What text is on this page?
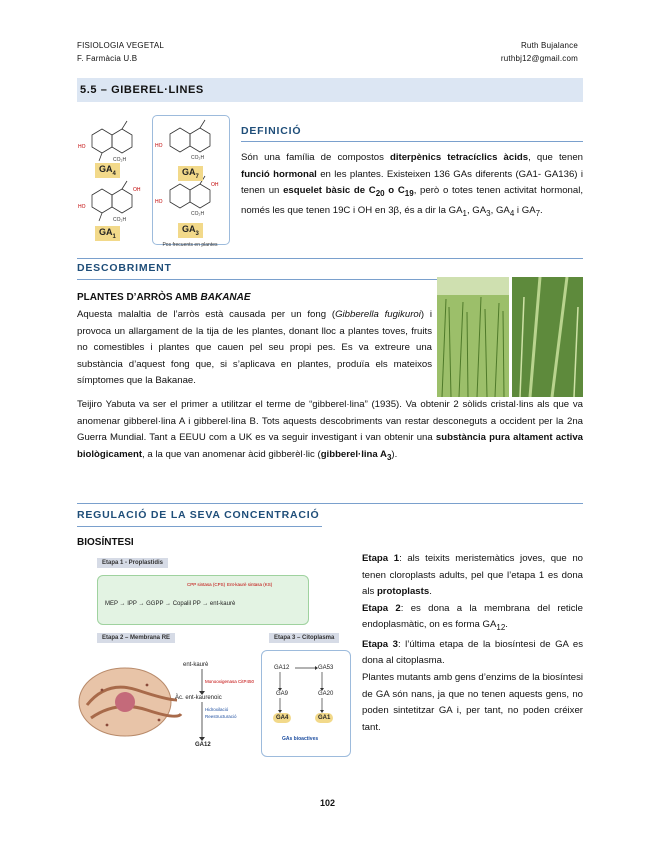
FISIOLOGIA VEGETAL
F. Farmàcia U.B
Ruth Bujalance
ruthbj12@gmail.com
5.5 – GIBEREL·LINES
HO
CO₂H
HO
CO₂H
OH
$GA_4$
$GA_1$
HO
CO₂H
HO
CO₂H
OH
$GA_7$
$GA_3$
Pos frecuents en plantes
DEFINICIÓ
Són una família de compostos diterpènics tetracíclics àcids, que tenen funció hormonal en les plantes. Existeixen 136 GAs diferents (GA1- GA136) i tenen un esquelet bàsic de $C_{20}$ o $C_{19}$, però o totes tenen activitat hormonal, només les que tenen 19C i OH en 3β, és a dir la $GA_1$, $GA_3$, $GA_4$ i $GA_7$.
DESCOBRIMENT
PLANTES D’ARRÒS AMB BAKANAE
Aquesta malaltia de l’arròs està causada per un fong (Gibberella fugikuroi) i provoca un allargament de la tija de les plantes, donant lloc a plantes toves, fruits no comestibles i plantes que cauen pel seu propi pes. Es va extreure una substància d’aquest fong que, si s’aplicava en plantes, produïa els mateixos símptomes que la Bakanae.
Teijiro Yabuta va ser el primer a utilitzar el terme de “gibberel·lina” (1935). Va obtenir 2 sòlids cristal·lins als que va anomenar gibberel·lina A i gibberel·lina B. Tots aquests descobriments van restar desconeguts a occident per la 2na Guerra Mundial. Tant a EEUU com a UK es va seguir investigant i van obtenir una substància pura altament activa biològicament, a la que van anomenar àcid gibberèl·lic (gibberel·lina $A_3$).
REGULACIÓ DE LA SEVA CONCENTRACIÓ
BIOSÍNTESI
Etapa 1 - Proplastidis
CPP sintasa (CPS) Ent-kaurè sintasa (KS)
MEP → IPP → GGPP → Copalil PP → ent-kaurè
Etapa 2 – Membrana RE	Etapa 3 – Citoplasma
ent-kaurè
Monooxigenasa CitP450
Àc. ent-kaurenoic
Hidroxilació
Reestructuració
GA12
GA12	GA53
GA9	GA20
GA4	GA1
GAs bioactives
Etapa 1: als teixits meristemàtics joves, que no tenen cloroplasts adults, pel que l’etapa 1 es dona als protoplasts.
Etapa 2: es dona a la membrana del reticle endoplasmàtic, on es forma $GA_{12}$.
Etapa 3: l’última etapa de la biosíntesi de GA es dona al citoplasma.
Plantes mutants amb gens d’enzims de la biosíntesi de GA són nans, ja que no tenen aquests gens, no poden sintetitzar GA i, per tant, no poden créixer tant.
102
